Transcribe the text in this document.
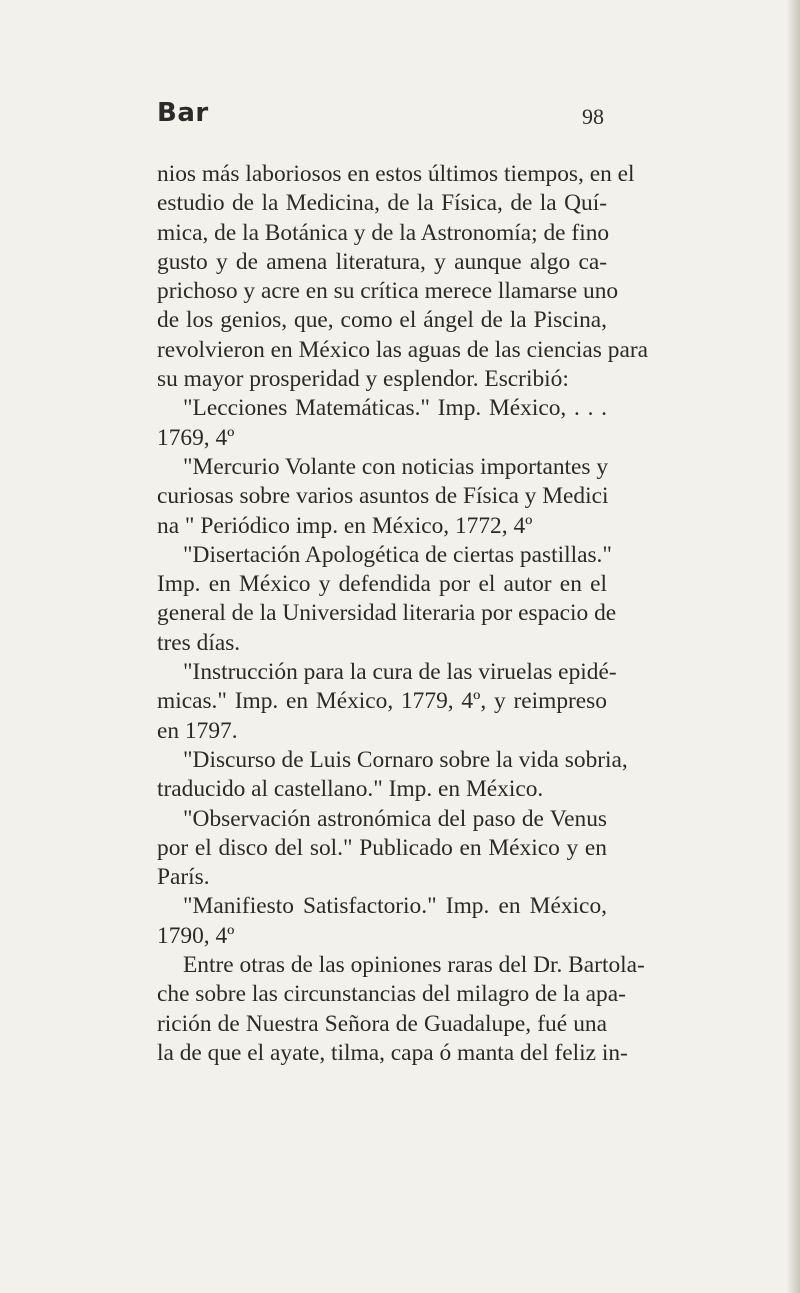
Bar	98
nios más laboriosos en estos últimos tiempos, en el
estudio de la Medicina, de la Física, de la Quí-
mica, de la Botánica y de la Astronomía; de fino
gusto y de amena literatura, y aunque algo ca-
prichoso y acre en su crítica merece llamarse uno
de los genios, que, como el ángel de la Piscina,
revolvieron en México las aguas de las ciencias para
su mayor prosperidad y esplendor. Escribió:
"Lecciones Matemáticas." Imp. México, . . .
1769, 4º
"Mercurio Volante con noticias importantes y
curiosas sobre varios asuntos de Física y Medici
na " Periódico imp. en México, 1772, 4º
"Disertación Apologética de ciertas pastillas."
Imp. en México y defendida por el autor en el
general de la Universidad literaria por espacio de
tres días.
"Instrucción para la cura de las viruelas epidé-
micas." Imp. en México, 1779, 4º, y reimpreso
en 1797.
"Discurso de Luis Cornaro sobre la vida sobria,
traducido al castellano." Imp. en México.
"Observación astronómica del paso de Venus
por el disco del sol." Publicado en México y en
París.
"Manifiesto Satisfactorio." Imp. en México,
1790, 4º
Entre otras de las opiniones raras del Dr. Bartola-
che sobre las circunstancias del milagro de la apa-
rición de Nuestra Señora de Guadalupe, fué una
la de que el ayate, tilma, capa ó manta del feliz in-
